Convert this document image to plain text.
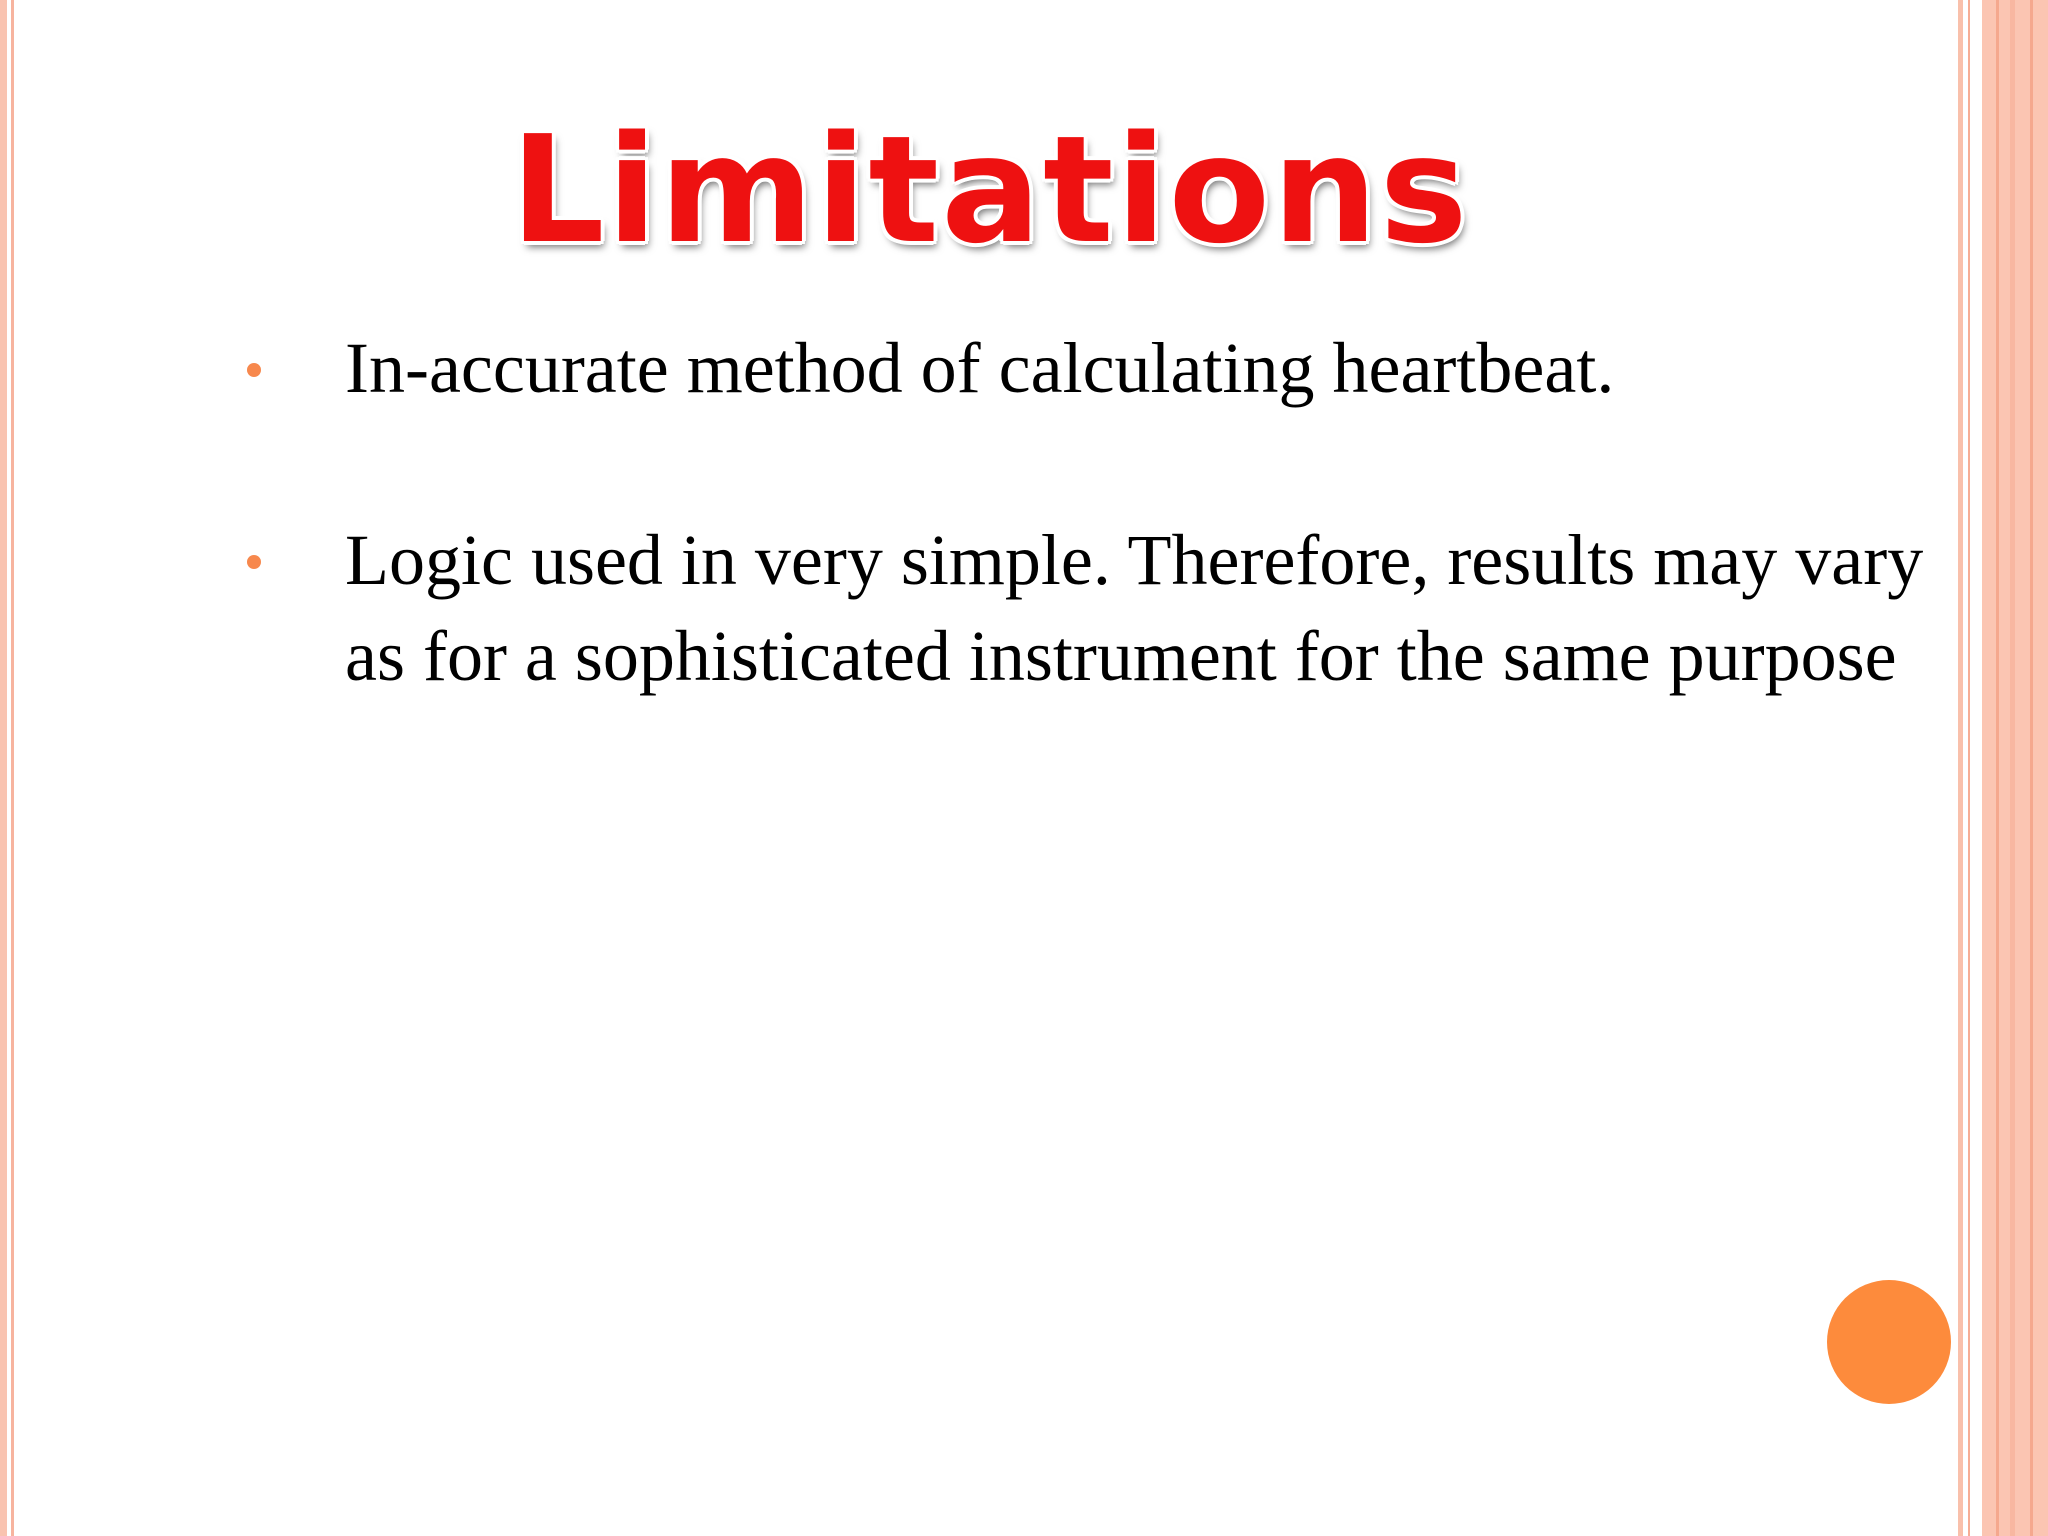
Limitations
In-accurate method of calculating heartbeat.
Logic used in very simple. Therefore, results may vary as for a sophisticated instrument for the same purpose
